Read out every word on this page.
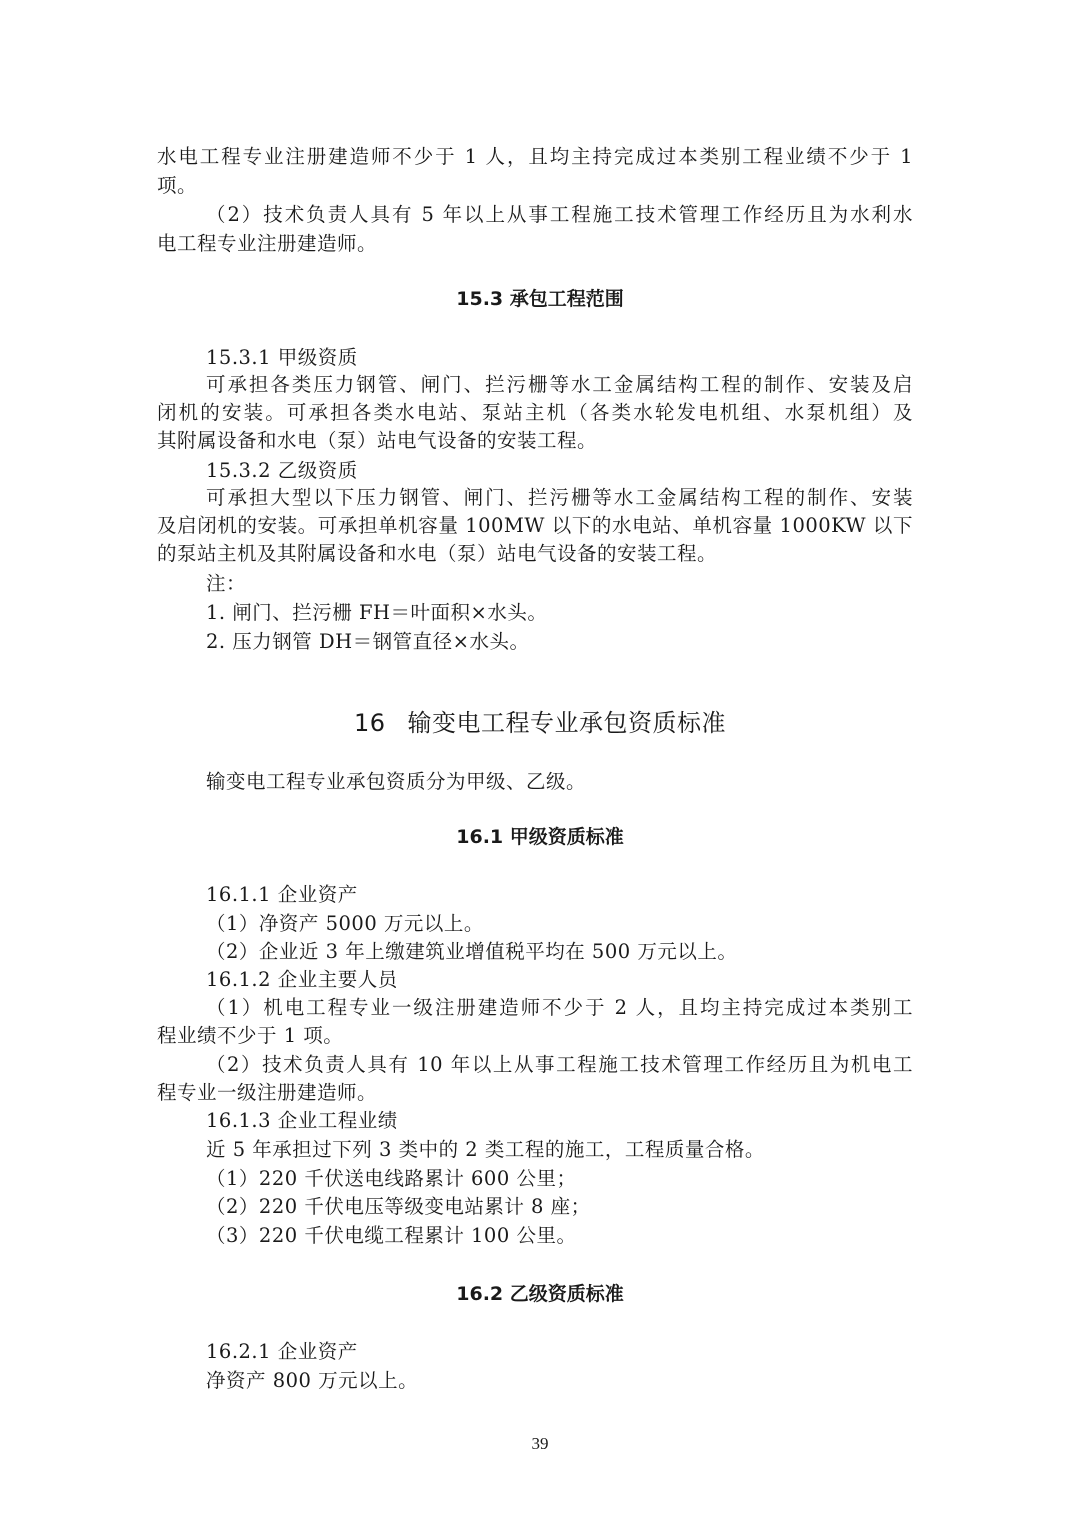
水电工程专业注册建造师不少于 1 人，且均主持完成过本类别工程业绩不少于 1
项。
（2）技术负责人具有 5 年以上从事工程施工技术管理工作经历且为水利水
电工程专业注册建造师。
15.3 承包工程范围
15.3.1 甲级资质
可承担各类压力钢管、闸门、拦污栅等水工金属结构工程的制作、安装及启
闭机的安装。可承担各类水电站、泵站主机（各类水轮发电机组、水泵机组）及
其附属设备和水电（泵）站电气设备的安装工程。
15.3.2 乙级资质
可承担大型以下压力钢管、闸门、拦污栅等水工金属结构工程的制作、安装
及启闭机的安装。可承担单机容量 100MW 以下的水电站、单机容量 1000KW 以下
的泵站主机及其附属设备和水电（泵）站电气设备的安装工程。
注：
1. 闸门、拦污栅 FH＝叶面积×水头。
2. 压力钢管 DH＝钢管直径×水头。
16 输变电工程专业承包资质标准
输变电工程专业承包资质分为甲级、乙级。
16.1 甲级资质标准
16.1.1 企业资产
（1）净资产 5000 万元以上。
（2）企业近 3 年上缴建筑业增值税平均在 500 万元以上。
16.1.2 企业主要人员
（1）机电工程专业一级注册建造师不少于 2 人，且均主持完成过本类别工
程业绩不少于 1 项。
（2）技术负责人具有 10 年以上从事工程施工技术管理工作经历且为机电工
程专业一级注册建造师。
16.1.3 企业工程业绩
近 5 年承担过下列 3 类中的 2 类工程的施工，工程质量合格。
（1）220 千伏送电线路累计 600 公里；
（2）220 千伏电压等级变电站累计 8 座；
（3）220 千伏电缆工程累计 100 公里。
16.2 乙级资质标准
16.2.1 企业资产
净资产 800 万元以上。
39
